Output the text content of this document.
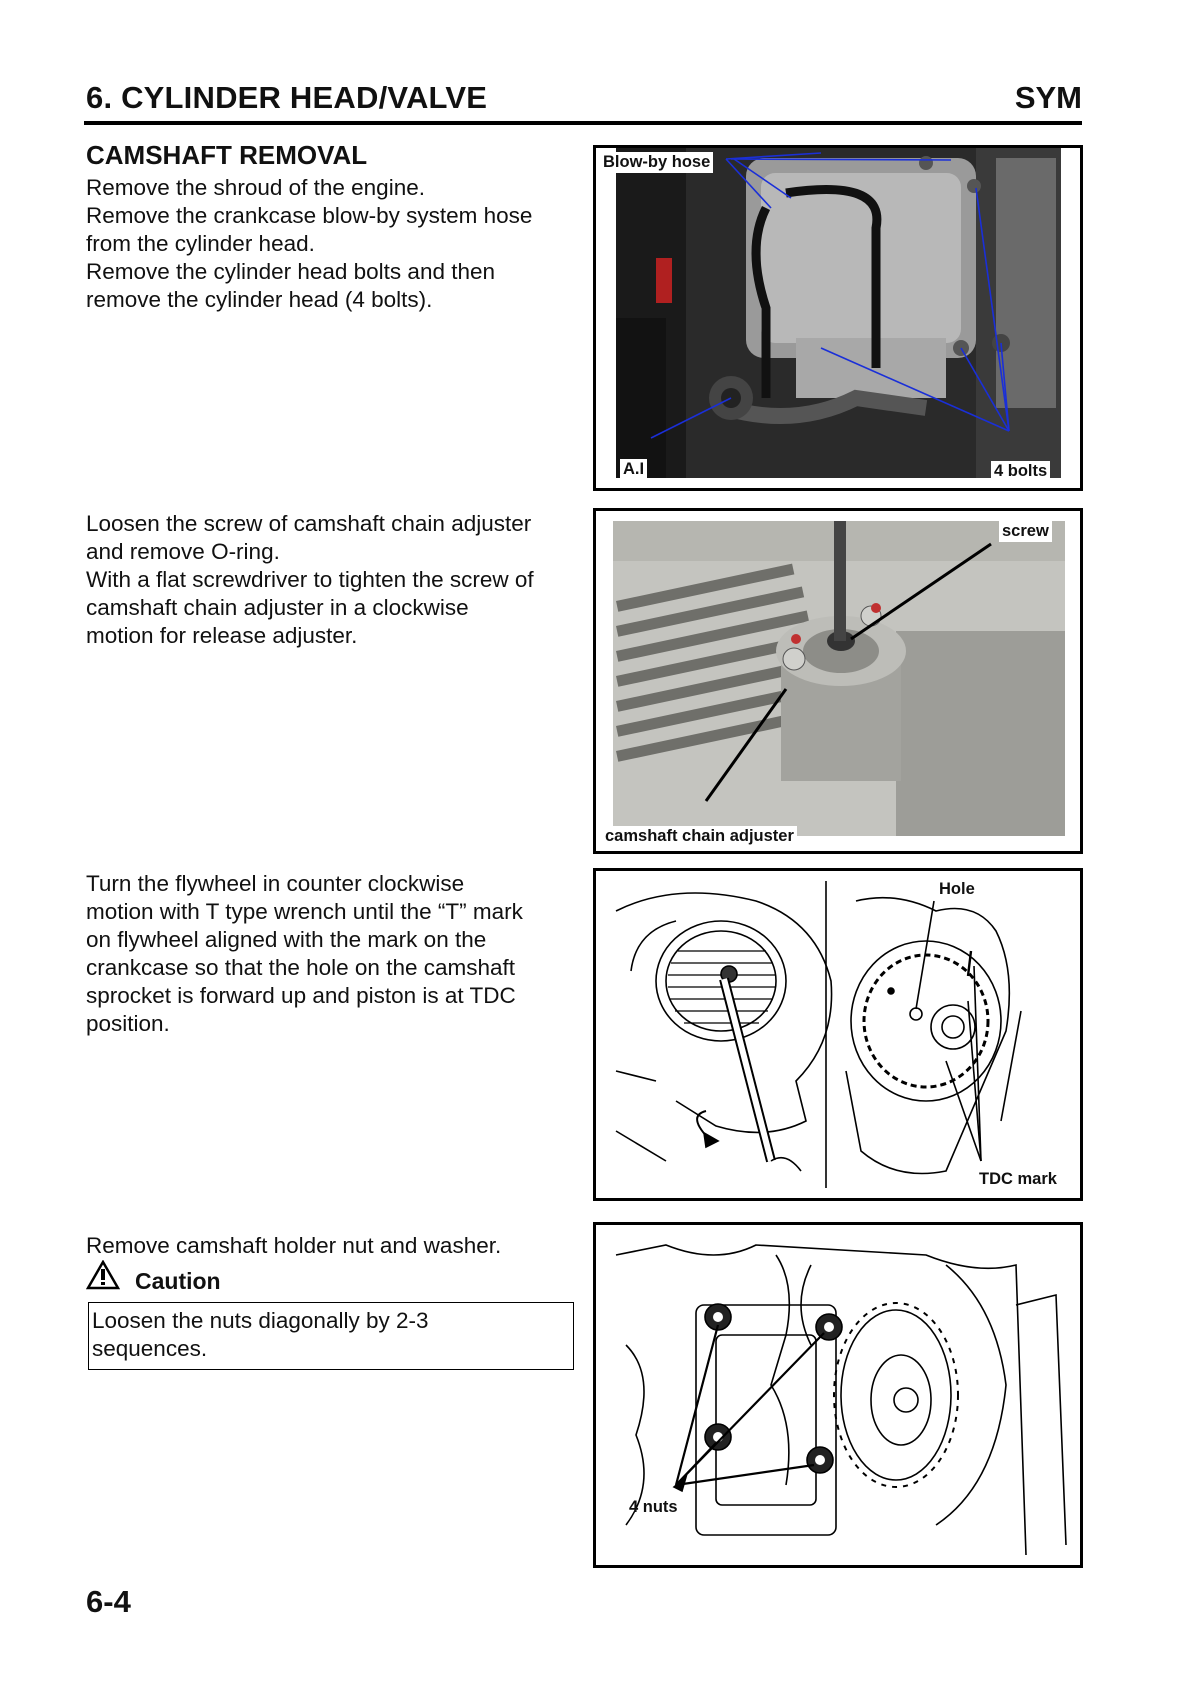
6. CYLINDER HEAD/VALVE	SYM
CAMSHAFT REMOVAL
Remove the shroud of the engine.
Remove the crankcase blow-by system hose
from the cylinder head.
Remove the cylinder head bolts and then
remove the cylinder head (4 bolts).
Blow-by hose
A.I	4 bolts
Loosen the screw of camshaft chain adjuster
and remove O-ring.
With a flat screwdriver to tighten the screw of
camshaft chain adjuster in a clockwise
motion for release adjuster.
screw
camshaft chain adjuster
Turn the flywheel in counter clockwise
motion with T type wrench until the “T” mark
on flywheel aligned with the mark on the
crankcase so that the hole on the camshaft
sprocket is forward up and piston is at TDC
position.
Hole
TDC mark
Remove camshaft holder nut and washer.
Caution
Loosen the nuts diagonally by 2-3
sequences.
4 nuts
6-4
